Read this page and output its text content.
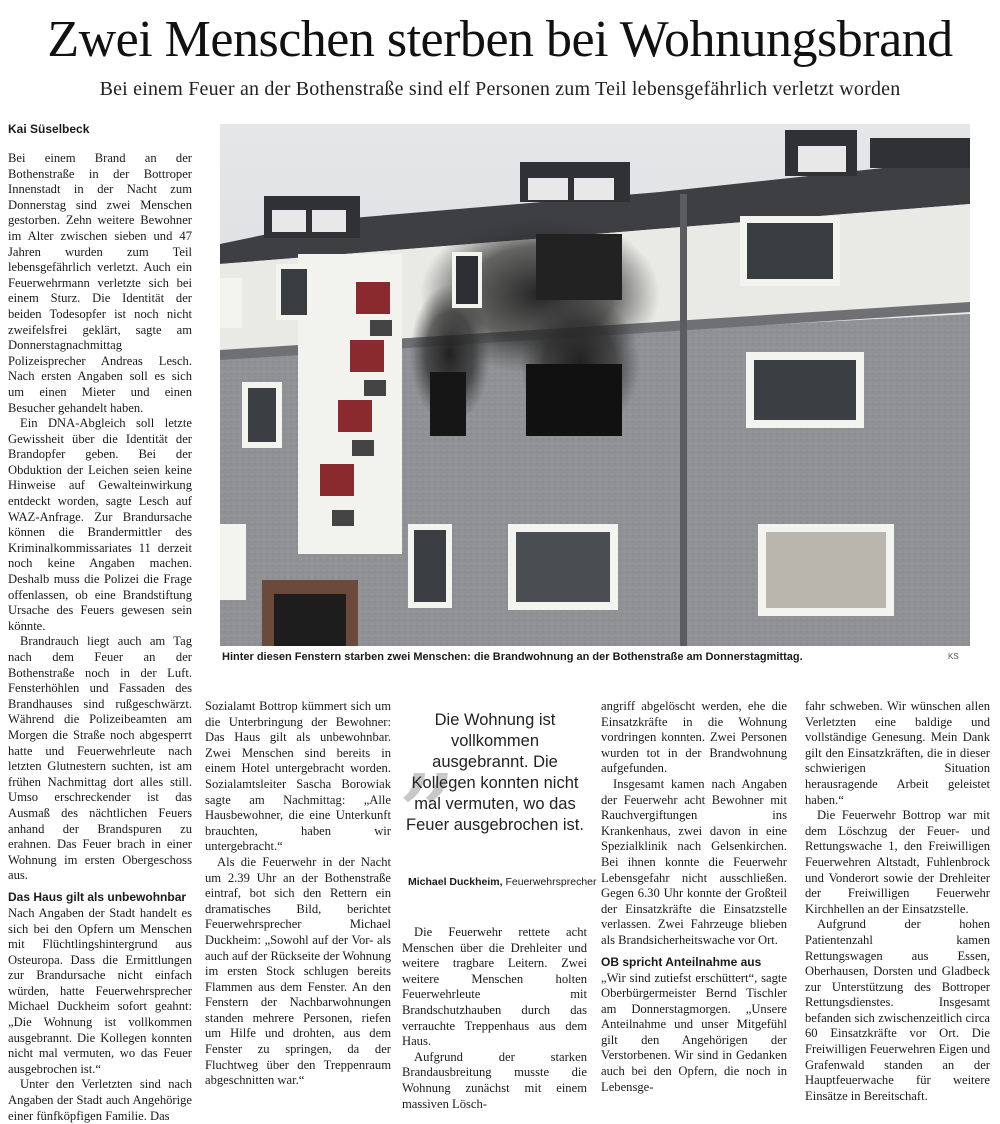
Zwei Menschen sterben bei Wohnungsbrand
Bei einem Feuer an der Bothenstraße sind elf Personen zum Teil lebensgefährlich verletzt worden
Kai Süselbeck

Bei einem Brand an der Bothenstraße in der Bottroper Innenstadt in der Nacht zum Donnerstag sind zwei Menschen gestorben. Zehn weitere Bewohner im Alter zwischen sieben und 47 Jahren wurden zum Teil lebensgefährlich verletzt. Auch ein Feuerwehrmann verletzte sich bei einem Sturz. Die Identität der beiden Todesopfer ist noch nicht zweifelsfrei geklärt, sagte am Donnerstagnachmittag Polizeisprecher Andreas Lesch. Nach ersten Angaben soll es sich um einen Mieter und einen Besucher gehandelt haben.

Ein DNA-Abgleich soll letzte Gewissheit über die Identität der Brandopfer geben. Bei der Obduktion der Leichen seien keine Hinweise auf Gewalteinwirkung entdeckt worden, sagte Lesch auf WAZ-Anfrage. Zur Brandursache können die Brandermittler des Kriminalkommissariates 11 derzeit noch keine Angaben machen. Deshalb muss die Polizei die Frage offenlassen, ob eine Brandstiftung Ursache des Feuers gewesen sein könnte.

Brandrauch liegt auch am Tag nach dem Feuer an der Bothenstraße noch in der Luft. Fensterhöhlen und Fassaden des Brandhauses sind rußgeschwärzt. Während die Polizeibeamten am Morgen die Straße noch abgesperrt hatte und Feuerwehrleute nach letzten Glutnestern suchten, ist am frühen Nachmittag dort alles still. Umso erschreckender ist das Ausmaß des nächtlichen Feuers anhand der Brandspuren zu erahnen. Das Feuer brach in einer Wohnung im ersten Obergeschoss aus.

Das Haus gilt als unbewohnbar

Nach Angaben der Stadt handelt es sich bei den Opfern um Menschen mit Flüchtlingshintergrund aus Osteuropa. Dass die Ermittlungen zur Brandursache nicht einfach würden, hatte Feuerwehrsprecher Michael Duckheim sofort geahnt: „Die Wohnung ist vollkommen ausgebrannt. Die Kollegen konnten nicht mal vermuten, wo das Feuer ausgebrochen ist.“

Unter den Verletzten sind nach Angaben der Stadt auch Angehörige einer fünfköpfigen Familie. Das

Hinter diesen Fenstern starben zwei Menschen: die Brandwohnung an der Bothenstraße am Donnerstagmittag.	KS

Sozialamt Bottrop kümmert sich um die Unterbringung der Bewohner: Das Haus gilt als unbewohnbar. Zwei Menschen sind bereits in einem Hotel untergebracht worden. Sozialamtsleiter Sascha Borowiak sagte am Nachmittag: „Alle Hausbewohner, die eine Unterkunft brauchten, haben wir untergebracht.“

Als die Feuerwehr in der Nacht um 2.39 Uhr an der Bothenstraße eintraf, bot sich den Rettern ein dramatisches Bild, berichtet Feuerwehrsprecher Michael Duckheim: „Sowohl auf der Vor- als auch auf der Rückseite der Wohnung im ersten Stock schlugen bereits Flammen aus dem Fenster. An den Fenstern der Nachbarwohnungen standen mehrere Personen, riefen um Hilfe und drohten, aus dem Fenster zu springen, da der Fluchtweg über den Treppenraum abgeschnitten war.“

„
Die Wohnung ist vollkommen ausgebrannt. Die Kollegen konnten nicht mal vermuten, wo das Feuer ausgebrochen ist.
Michael Duckheim, Feuerwehrsprecher

Die Feuerwehr rettete acht Menschen über die Drehleiter und weitere tragbare Leitern. Zwei weitere Menschen holten Feuerwehrleute mit Brandschutzhauben durch das verrauchte Treppenhaus aus dem Haus.

Aufgrund der starken Brandausbreitung musste die Wohnung zunächst mit einem massiven Lösch-

angriff abgelöscht werden, ehe die Einsatzkräfte in die Wohnung vordringen konnten. Zwei Personen wurden tot in der Brandwohnung aufgefunden.

Insgesamt kamen nach Angaben der Feuerwehr acht Bewohner mit Rauchvergiftungen ins Krankenhaus, zwei davon in eine Spezialklinik nach Gelsenkirchen. Bei ihnen konnte die Feuerwehr Lebensgefahr nicht ausschließen. Gegen 6.30 Uhr konnte der Großteil der Einsatzkräfte die Einsatzstelle verlassen. Zwei Fahrzeuge blieben als Brandsicherheitswache vor Ort.

OB spricht Anteilnahme aus

„Wir sind zutiefst erschüttert“, sagte Oberbürgermeister Bernd Tischler am Donnerstagmorgen. „Unsere Anteilnahme und unser Mitgefühl gilt den Angehörigen der Verstorbenen. Wir sind in Gedanken auch bei den Opfern, die noch in Lebensge-

fahr schweben. Wir wünschen allen Verletzten eine baldige und vollständige Genesung. Mein Dank gilt den Einsatzkräften, die in dieser schwierigen Situation herausragende Arbeit geleistet haben.“

Die Feuerwehr Bottrop war mit dem Löschzug der Feuer- und Rettungswache 1, den Freiwilligen Feuerwehren Altstadt, Fuhlenbrock und Vonderort sowie der Drehleiter der Freiwilligen Feuerwehr Kirchhellen an der Einsatzstelle.

Aufgrund der hohen Patientenzahl kamen Rettungswagen aus Essen, Oberhausen, Dorsten und Gladbeck zur Unterstützung des Bottroper Rettungsdienstes. Insgesamt befanden sich zwischenzeitlich circa 60 Einsatzkräfte vor Ort. Die Freiwilligen Feuerwehren Eigen und Grafenwald standen an der Hauptfeuerwache für weitere Einsätze in Bereitschaft.
